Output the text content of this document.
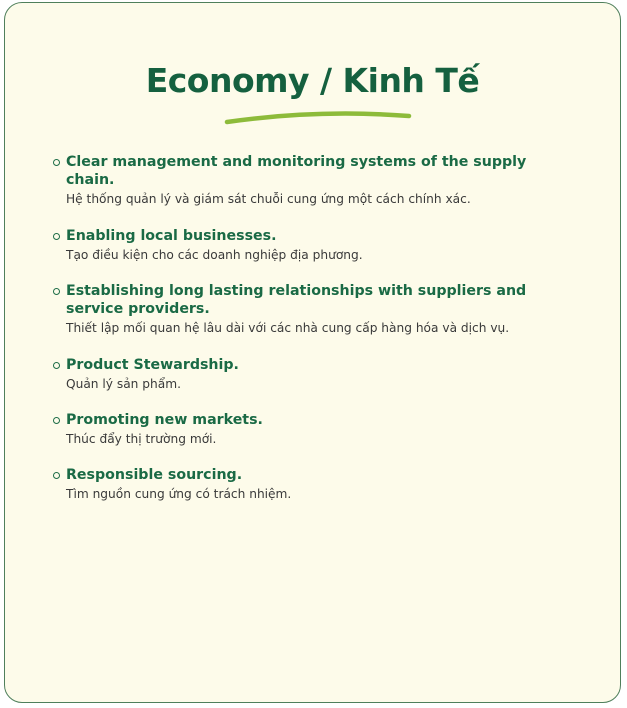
Economy / Kinh Tế
Clear management and monitoring systems of the supply chain.
Hệ thống quản lý và giám sát chuỗi cung ứng một cách chính xác.
Enabling local businesses.
Tạo điều kiện cho các doanh nghiệp địa phương.
Establishing long lasting relationships with suppliers and service providers.
Thiết lập mối quan hệ lâu dài với các nhà cung cấp hàng hóa và dịch vụ.
Product Stewardship.
Quản lý sản phẩm.
Promoting new markets.
Thúc đẩy thị trường mới.
Responsible sourcing.
Tìm nguồn cung ứng có trách nhiệm.
